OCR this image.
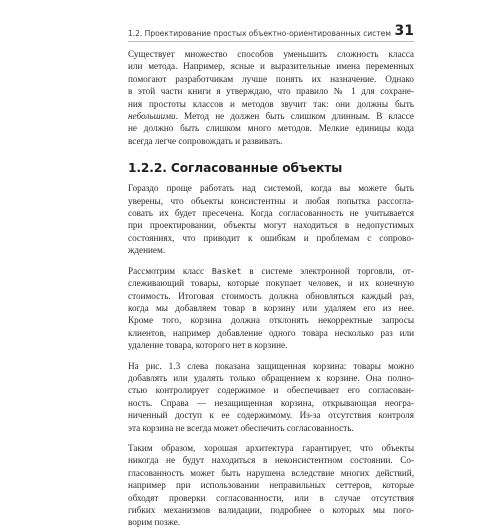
1.2. Проектирование простых объектно-ориентированных систем 31

Существует множество способов уменьшить сложность класса
или метода. Например, ясные и выразительные имена переменных
помогают разработчикам лучше понять их назначение. Однако
в этой части книги я утверждаю, что правило № 1 для сохране-
ния простоты классов и методов звучит так: они должны быть
небольшими. Метод не должен быть слишком длинным. В классе
не должно быть слишком много методов. Мелкие единицы кода
всегда легче сопровождать и развивать.

1.2.2. Согласованные объекты

Гораздо проще работать над системой, когда вы можете быть
уверены, что объекты консистентны и любая попытка рассогла-
совать их будет пресечена. Когда согласованность не учитывается
при проектировании, объекты могут находиться в недопустимых
состояниях, что приводит к ошибкам и проблемам с сопрово-
ждением.

Рассмотрим класс Basket в системе электронной торговли, от-
слеживающий товары, которые покупает человек, и их конечную
стоимость. Итоговая стоимость должна обновляться каждый раз,
когда мы добавляем товар в корзину или удаляем его из нее.
Кроме того, корзина должна отклонять некорректные запросы
клиентов, например добавление одного товара несколько раз или
удаление товара, которого нет в корзине.

На рис. 1.3 слева показана защищенная корзина: товары можно
добавлять или удалять только обращением к корзине. Она полно-
стью контролирует содержимое и обеспечивает его согласован-
ность. Справа — незащищенная корзина, открывающая неогра-
ниченный доступ к ее содержимому. Из-за отсутствия контроля
эта корзина не всегда может обеспечить согласованность.

Таким образом, хорошая архитектура гарантирует, что объекты
никогда не будут находиться в неконсистентном состоянии. Со-
гласованность может быть нарушена вследствие многих действий,
например при использовании неправильных сеттеров, которые
обходят проверки согласованности, или в случае отсутствия
гибких механизмов валидации, подробнее о которых мы пого-
ворим позже.
